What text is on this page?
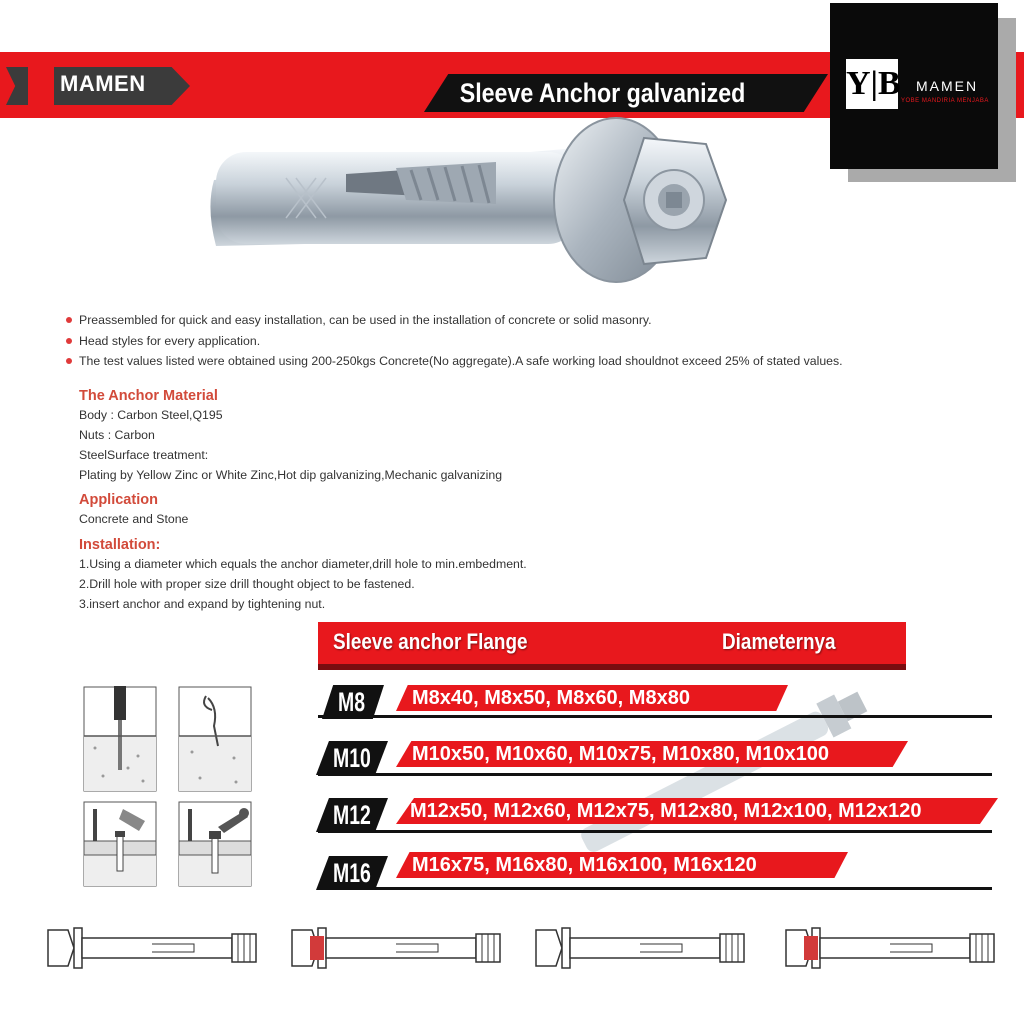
MAMEN	Sleeve Anchor galvanized	Y|B MAMEN
YOBE MANDIRIA MENJABA
Preassembled for quick and easy installation, can be used in the installation of concrete or solid masonry.
Head styles for every application.
The test values listed were obtained using 200-250kgs Concrete(No aggregate).A safe working load shouldnot exceed 25% of stated values.
The Anchor Material
Body : Carbon Steel,Q195
Nuts : Carbon
SteelSurface treatment:
Plating by Yellow Zinc or White Zinc,Hot dip galvanizing,Mechanic galvanizing
Application
Concrete and Stone
Installation:
1.Using a diameter which equals the anchor diameter,drill hole to min.embedment.
2.Drill hole with proper size drill thought object to be fastened.
3.insert anchor and expand by tightening nut.
Sleeve anchor Flange	Diameternya
M8 M8x40, M8x50, M8x60, M8x80
M10 M10x50, M10x60, M10x75, M10x80, M10x100
M12 M12x50, M12x60, M12x75, M12x80, M12x100, M12x120
M16 M16x75, M16x80, M16x100, M16x120
